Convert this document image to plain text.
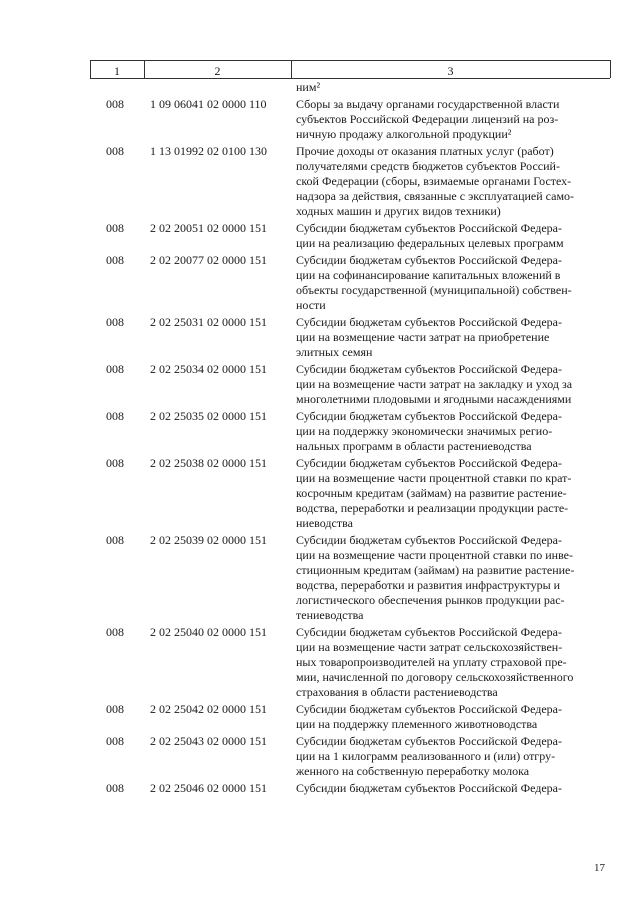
1	2	3
ним²
008	1 09 06041 02 0000 110	Сборы за выдачу органами государственной власти
субъектов Российской Федерации лицензий на роз-
ничную продажу алкогольной продукции²
008	1 13 01992 02 0100 130	Прочие доходы от оказания платных услуг (работ)
получателями средств бюджетов субъектов Россий-
ской Федерации (сборы, взимаемые органами Гостех-
надзора за действия, связанные с эксплуатацией само-
ходных машин и других видов техники)
008	2 02 20051 02 0000 151	Субсидии бюджетам субъектов Российской Федера-
ции на реализацию федеральных целевых программ
008	2 02 20077 02 0000 151	Субсидии бюджетам субъектов Российской Федера-
ции на софинансирование капитальных вложений в
объекты государственной (муниципальной) собствен-
ности
008	2 02 25031 02 0000 151	Субсидии бюджетам субъектов Российской Федера-
ции на возмещение части затрат на приобретение
элитных семян
008	2 02 25034 02 0000 151	Субсидии бюджетам субъектов Российской Федера-
ции на возмещение части затрат на закладку и уход за
многолетними плодовыми и ягодными насаждениями
008	2 02 25035 02 0000 151	Субсидии бюджетам субъектов Российской Федера-
ции на поддержку экономически значимых регио-
нальных программ в области растениеводства
008	2 02 25038 02 0000 151	Субсидии бюджетам субъектов Российской Федера-
ции на возмещение части процентной ставки по крат-
косрочным кредитам (займам) на развитие растение-
водства, переработки и реализации продукции расте-
ниеводства
008	2 02 25039 02 0000 151	Субсидии бюджетам субъектов Российской Федера-
ции на возмещение части процентной ставки по инве-
стиционным кредитам (займам) на развитие растение-
водства, переработки и развития инфраструктуры и
логистического обеспечения рынков продукции рас-
тениеводства
008	2 02 25040 02 0000 151	Субсидии бюджетам субъектов Российской Федера-
ции на возмещение части затрат сельскохозяйствен-
ных товаропроизводителей на уплату страховой пре-
мии, начисленной по договору сельскохозяйственного
страхования в области растениеводства
008	2 02 25042 02 0000 151	Субсидии бюджетам субъектов Российской Федера-
ции на поддержку племенного животноводства
008	2 02 25043 02 0000 151	Субсидии бюджетам субъектов Российской Федера-
ции на 1 килограмм реализованного и (или) отгру-
женного на собственную переработку молока
008	2 02 25046 02 0000 151	Субсидии бюджетам субъектов Российской Федера-
17
